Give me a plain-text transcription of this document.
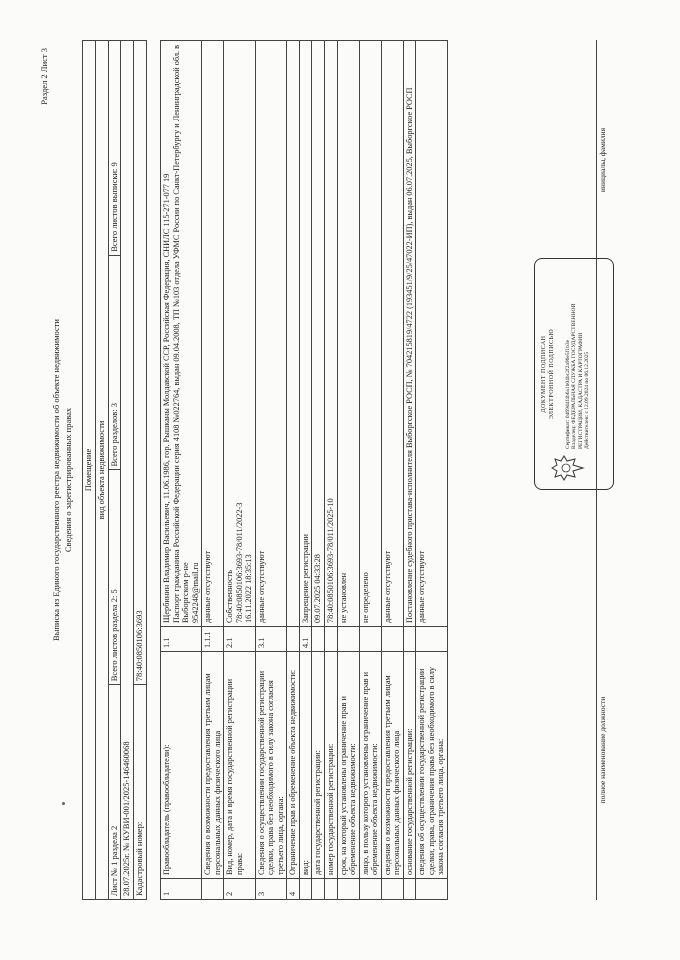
Раздел 2 Лист 3
Выписка из Единого государственного реестра недвижимости об объекте недвижимости Сведения о зарегистрированных правах Помещение вид объекта недвижимости			

Лист № 1 раздела 2	Всего листов раздела 2: 5	Всего разделов: 3	Всего листов выписки: 9
28.07.2025г. № КУВИ-001/2025-146460068			
Кадастровый номер:	78:40:0850106:3693		
1	Правообладатель (правообладатели):	1.1	Щербинин Владимир Васильевич, 11.06.1986, гор. Рышканы Молдавской ССР, Российская Федерация, СНИЛС 115-271-077 19
Паспорт гражданина Российской Федерации серия 4108 №022764, выдан 09.04.2008, ТП №103 отдела УФМС России по Санкт-Петербургу и Ленинградской обл. в Выборгском р-не
9542248@mail.ru
	Сведения о возможности предоставления третьим лицам персональных данных физического лица	1.1.1	данные отсутствуют
2	Вид, номер, дата и время государственной регистрации права:	2.1	Собственность
78:40:0850106:3693-78/011/2022-3
16.11.2022 18:35:13
3	Сведения о осуществлении государственной регистрации сделки, права без необходимого в силу закона согласия третьего лица, органа:	3.1	данные отсутствуют
4	Ограничение прав и обременение объекта недвижимости:		
	вид:	4.1	Запрещение регистрации
	дата государственной регистрации:		09.07.2025 04:33:28
	номер государственной регистрации:		78:40:0850106:3693-78/011/2025-10
	срок, на который установлены ограничение прав и обременение объекта недвижимости:		не установлен
	лицо, в пользу которого установлены ограничение прав и обременение объекта недвижимости:		не определено
	сведения о возможности предоставления третьим лицам персональных данных физического лица		данные отсутствуют
	основание государственной регистрации:		Постановление судебного пристава-исполнителя Выборгское РОСП, № 704215819/4722 (193451/9/25/47022-ИП), выдан 06.07.2025, Выборгское РОСП
	сведения об осуществлении государственной регистрации сделки, права, ограничения права без необходимого в силу закона согласия третьего лица, органа:		данные отсутствуют
ДОКУМЕНТ ПОДПИСАН ЭЛЕКТРОННОЙ ПОДПИСЬЮ Сертификат: 0469d4f4b6a1b04bc2f2a96e5f1b3e Владелец: ФЕДЕРАЛЬНАЯ СЛУЖБА ГОСУДАРСТВЕННОЙ РЕГИСТРАЦИИ, КАДАСТРА И КАРТОГРАФИИ Действителен: с 12.09.2024 по 06.12.2025
полное наименование должности
инициалы, фамилия
